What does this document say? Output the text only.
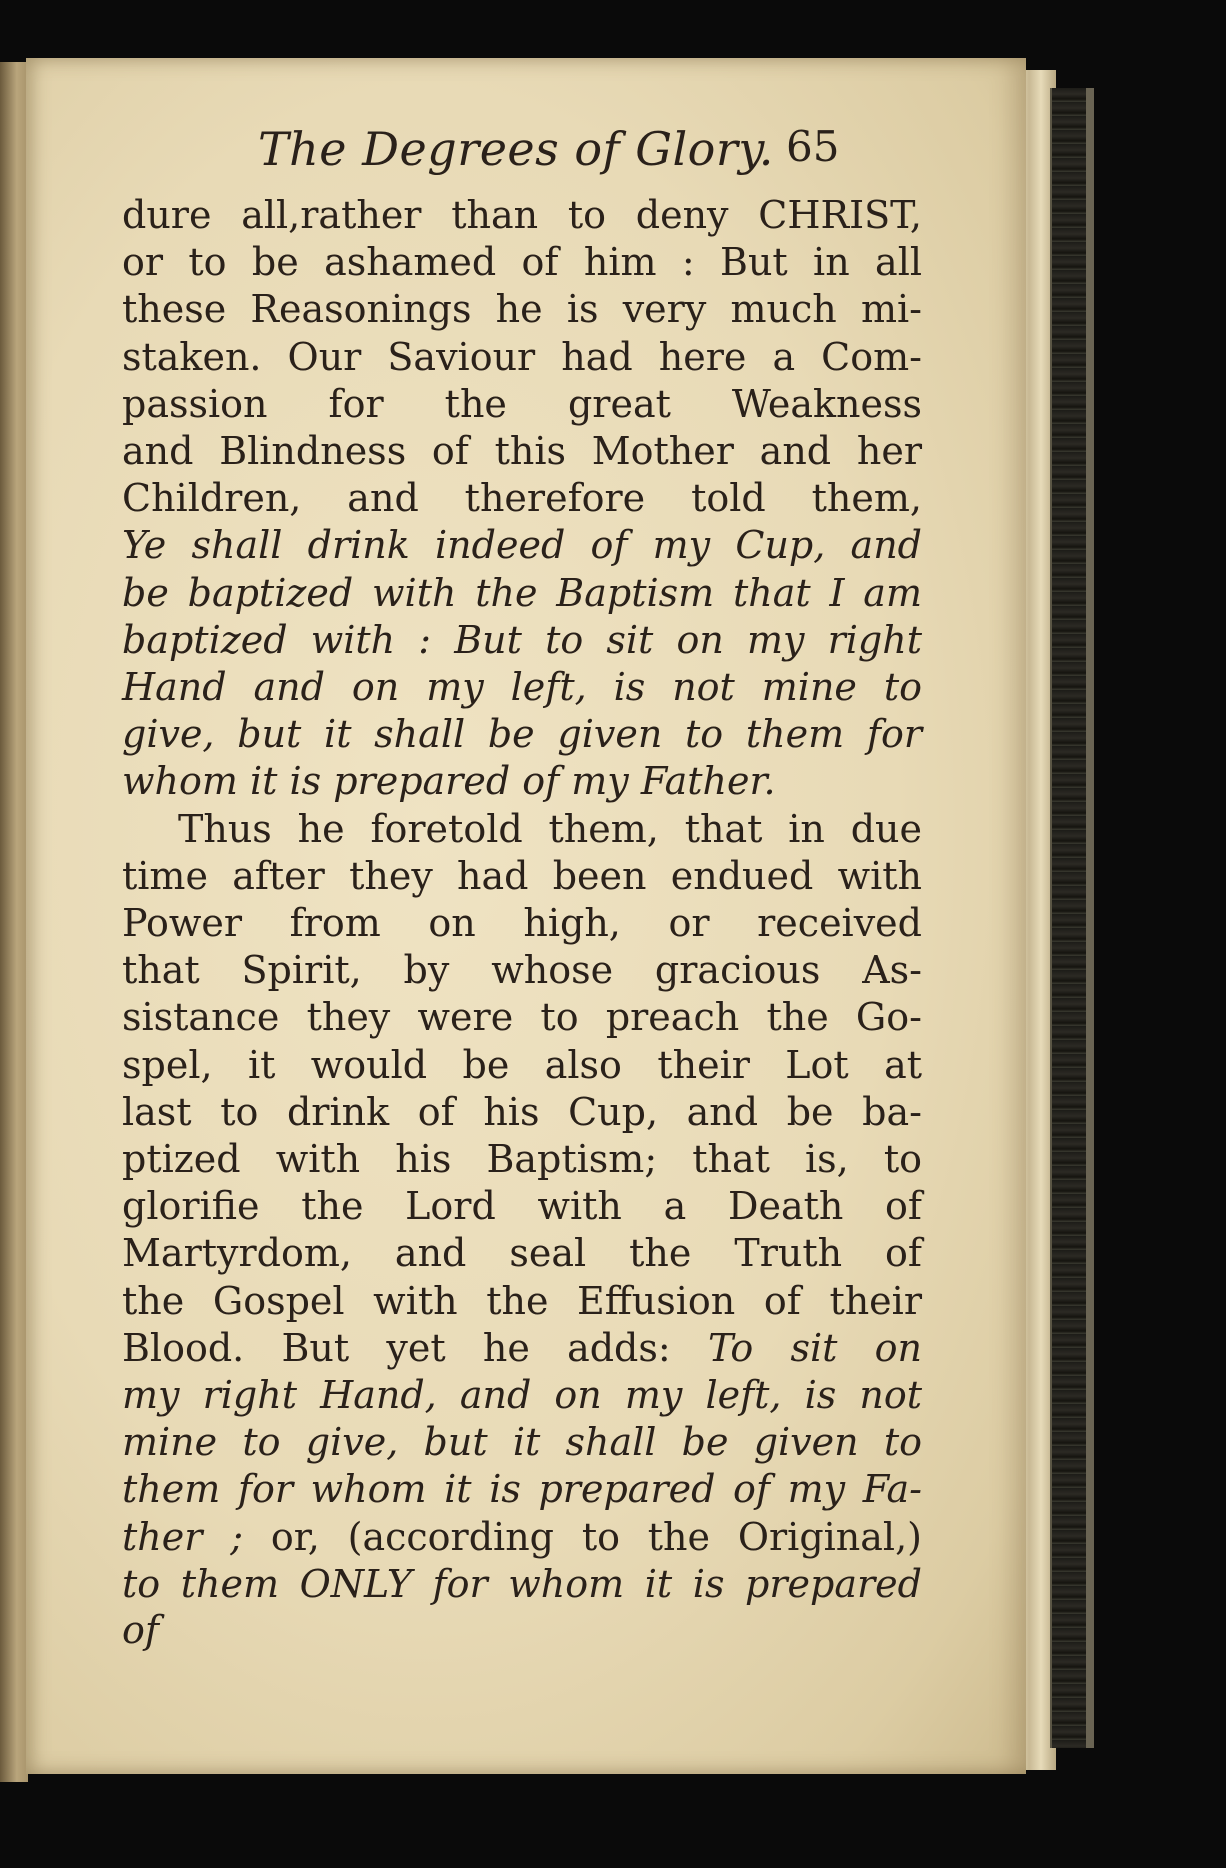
The Degrees of Glory. 65
dure all,rather than to deny CHRIST,
or to be ashamed of him : But in all
these Reasonings he is very much mi-
staken. Our Saviour had here a Com-
passion for the great Weakness
and Blindness of this Mother and her
Children, and therefore told them,
Ye shall drink indeed of my Cup, and
be baptized with the Baptism that I am
baptized with : But to sit on my right
Hand and on my left, is not mine to
give, but it shall be given to them for
whom it is prepared of my Father.
Thus he foretold them, that in due
time after they had been endued with
Power from on high, or received
that Spirit, by whose gracious As-
sistance they were to preach the Go-
spel, it would be also their Lot at
last to drink of his Cup, and be ba-
ptized with his Baptism; that is, to
glorifie the Lord with a Death of
Martyrdom, and seal the Truth of
the Gospel with the Effusion of their
Blood. But yet he adds: To sit on
my right Hand, and on my left, is not
mine to give, but it shall be given to
them for whom it is prepared of my Fa-
ther ; or, (according to the Original,)
to them ONLY for whom it is prepared
of
